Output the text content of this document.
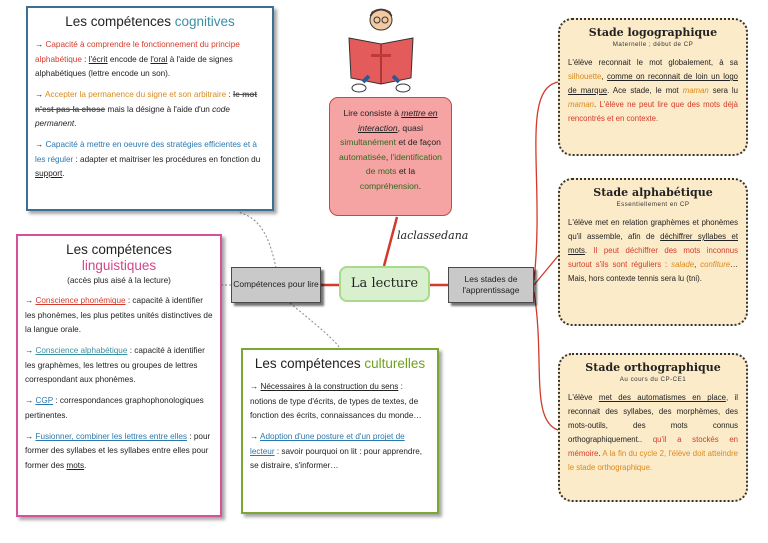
Les compétences cognitives

→ Capacité à comprendre le fonctionnement du principe alphabétique : l'écrit encode de l'oral à l'aide de signes alphabétiques (lettre encode un son).

→ Accepter la permanence du signe et son arbitraire : le mot n'est pas la chose mais la désigne à l'aide d'un code permanent.

→ Capacité à mettre en oeuvre des stratégies efficientes et à les réguler : adapter et maitriser les procédures en fonction du support.

Lire consiste à mettre en interaction, quasi simultanément et de façon automatisée, l'identification de mots et la compréhension.
laclassedana
Compétences pour lire	La lecture	Les stades de l'apprentissage
Les compétences
linguistiques
(accès plus aisé à la lecture)

→ Conscience phonémique : capacité à identifier les phonèmes, les plus petites unités distinctives de la langue orale.

→ Conscience alphabétique : capacité à identifier les graphèmes, les lettres ou groupes de lettres correspondant aux phonèmes.

→ CGP : correspondances graphophonologiques pertinentes.

→ Fusionner, combiner les lettres entre elles : pour former des syllabes et les syllabes entre elles pour former des mots.

Les compétences culturelles

→ Nécessaires à la construction du sens : notions de type d'écrits, de types de textes, de fonction des écrits, connaissances du monde…

→ Adoption d'une posture et d'un projet de lecteur : savoir pourquoi on lit : pour apprendre, se distraire, s'informer…

Stade logographique
Maternelle ; début de CP
L'élève reconnait le mot globalement, à sa silhouette, comme on reconnait de loin un logo de marque. Ace stade, le mot maman sera lu maman. L'élève ne peut lire que des mots déjà rencontrés et en contexte.
Stade alphabétique
Essentiellement en CP
L'élève met en relation graphèmes et phonèmes qu'il assemble, afin de déchiffrer syllabes et mots. Il peut déchiffrer des mots inconnus surtout s'ils sont réguliers : salade, confiture… Mais, hors contexte tennis sera lu (tni).
Stade orthographique
Au cours du CP-CE1
L'élève met des automatismes en place, il reconnait des syllabes, des morphèmes, des mots-outils, des mots connus orthographiquement.. qu'il a stockés en mémoire. A la fin du cycle 2, l'élève doit atteindre le stade orthographique.
